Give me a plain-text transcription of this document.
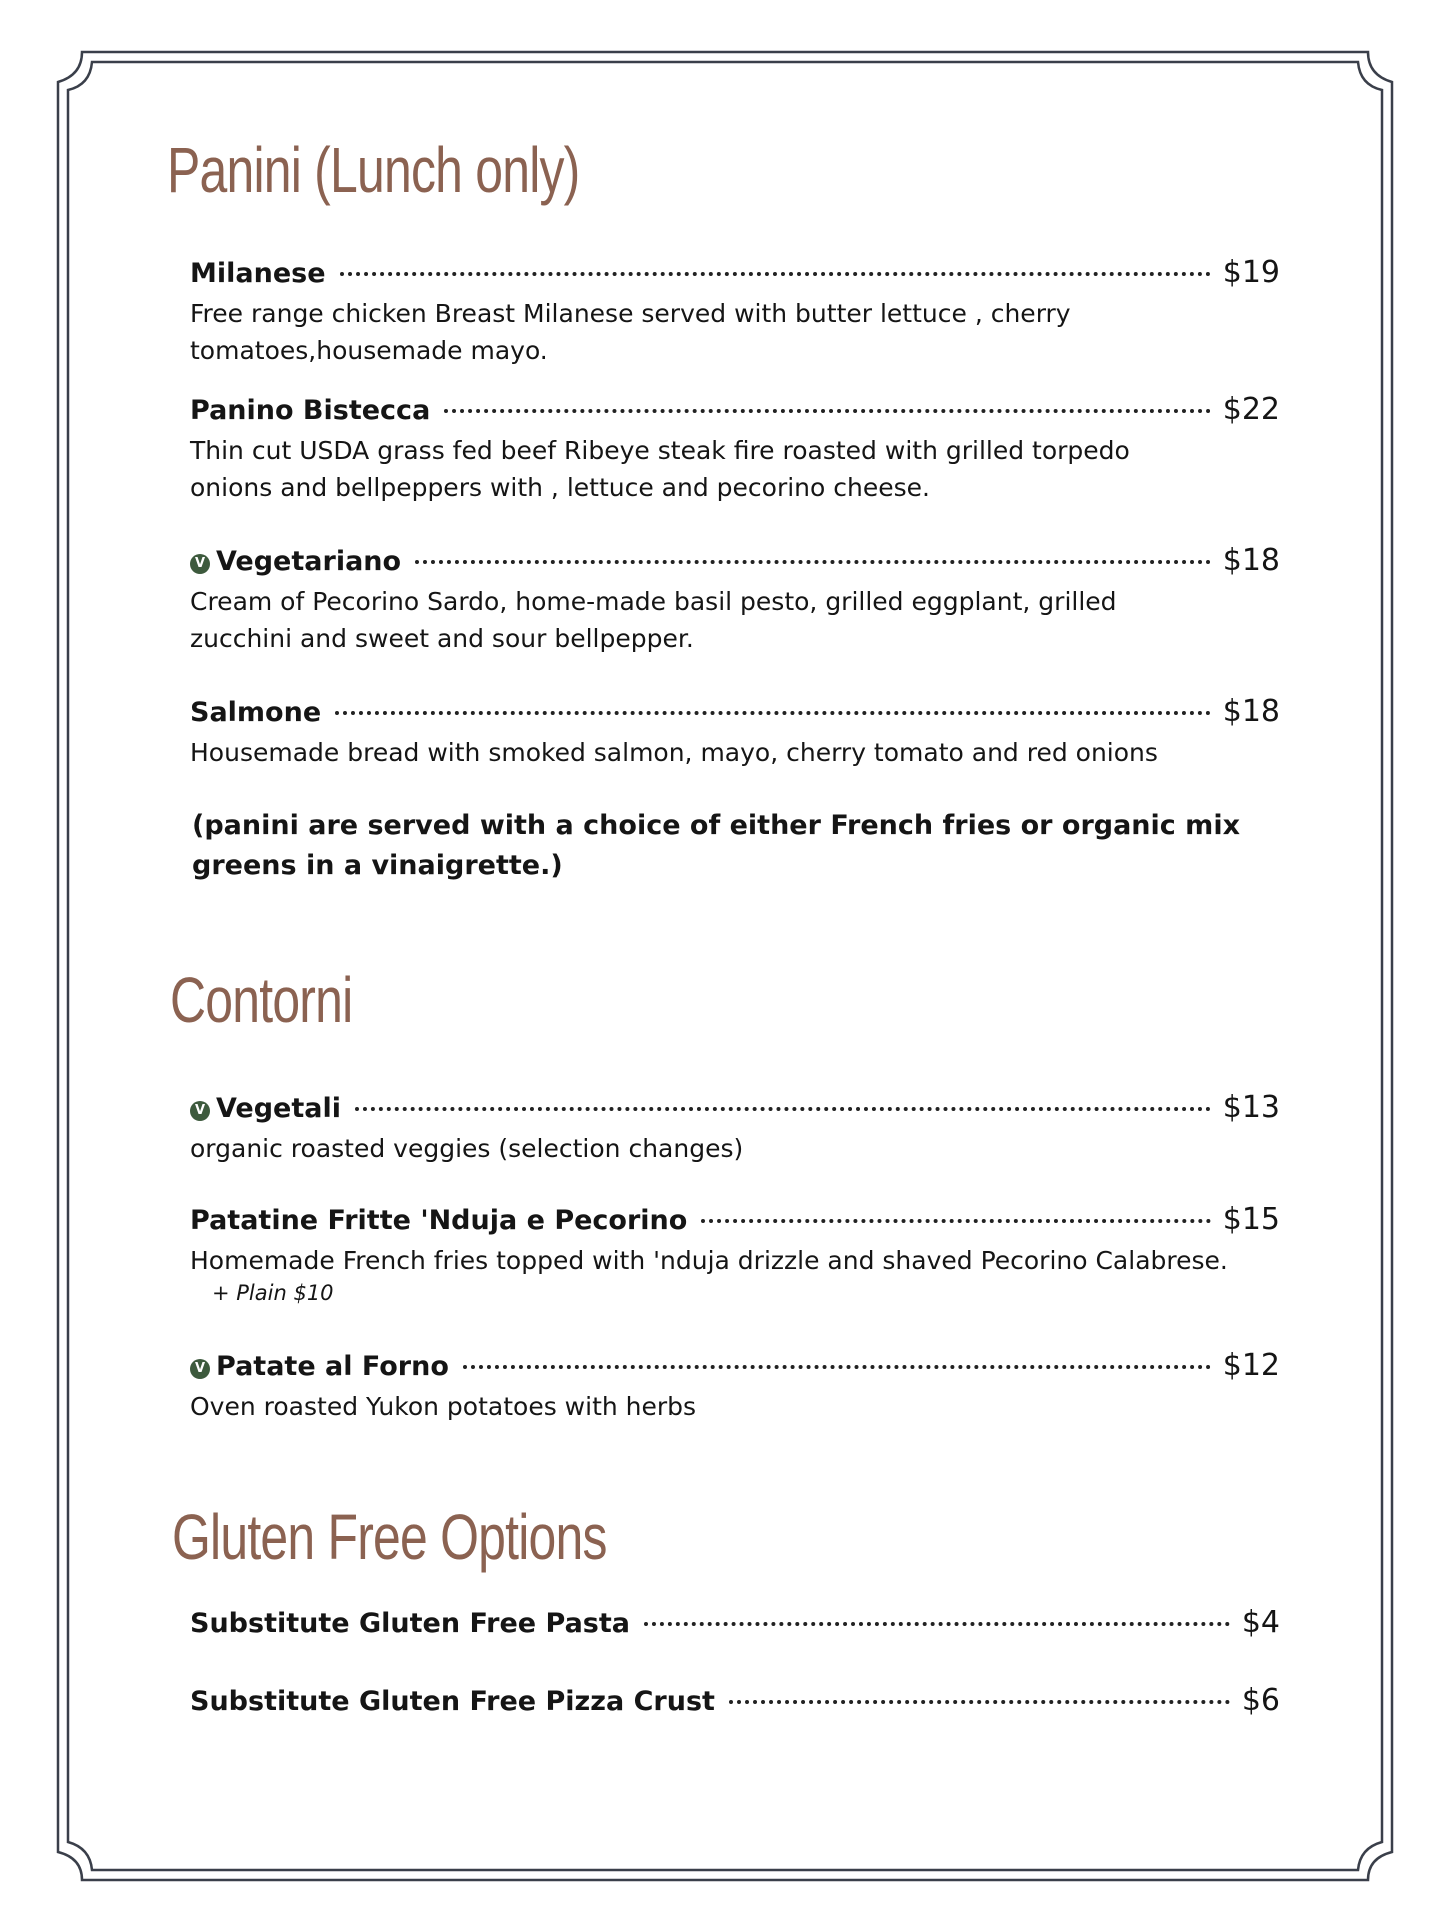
Panini (Lunch only)
Milanese	$19

Free range chicken Breast Milanese served with butter lettuce , cherry tomatoes,housemade mayo.

Panino Bistecca	$22

Thin cut USDA grass fed beef Ribeye steak fire roasted with grilled torpedo onions and bellpeppers with , lettuce and pecorino cheese.

V Vegetariano	$18

Cream of Pecorino Sardo, home-made basil pesto, grilled eggplant, grilled zucchini and sweet and sour bellpepper.

Salmone	$18

Housemade bread with smoked salmon, mayo, cherry tomato and red onions

(panini are served with a choice of either French fries or organic mix greens in a vinaigrette.)

Contorni
V Vegetali	$13

organic roasted veggies (selection changes)

Patatine Fritte 'Nduja e Pecorino	$15

Homemade French fries topped with 'nduja drizzle and shaved Pecorino Calabrese.

+ Plain $10
V Patate al Forno	$12

Oven roasted Yukon potatoes with herbs

Gluten Free Options
Substitute Gluten Free Pasta	$4
Substitute Gluten Free Pizza Crust	$6
